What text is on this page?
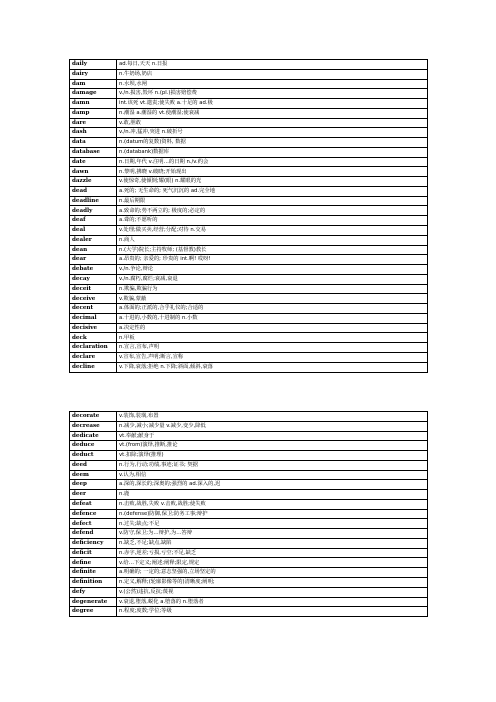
daily	ad.每日,天天 n.日报
dairy	n.牛奶场,奶店
dam	n.水坝,水闸
damage	v./n.损害,毁坏 n.(pl.)损害赔偿费
damn	int.该死 vt.遣责;使失败 a.十足的 ad.极
damp	n.潮湿 a.潮湿的 vt.使潮湿;使衰减
dare	v.敢,胆敢
dash	v./n.冲,猛冲,突进 n.破折号
data	n.(datum的复数)资料, 数据
database	n.(databank)数据库
date	n.日期,年代 v.注明…的日期 n./v.约会
dawn	n.黎明,拂晓 v.破晓;开始现出
dazzle	v.使惊奇,使倾倒;耀(眼) n.耀眼的光
dead	a.死的; 无生命的; 死气沉沉的 ad.完全地
deadline	n.最后期限
deadly	a.致命的;势不两立的; 极度的;必定的
deaf	a.聋的;不愿听的
deal	v.处理;做买卖,经营;分配;对待 n.交易
dealer	n.商人
dean	n.(大学)院长;主持牧师; (基督教)教长
dear	a.昂贵的; 亲爱的; 珍贵的 int.啊! 哎呀!
debate	v./n.争论,辩论
decay	v./n.腐朽,腐烂;衰减,衰退
deceit	n.欺骗,欺骗行为
deceive	v.欺骗,蒙蔽
decent	a.体面的;正派的,合乎礼仪的;合适的
decimal	a.十进的,小数的,十进制的 n.小数
decisive	a.决定性的
deck	n.甲板
declaration	n.宣言,宣布,声明
declare	v.宣布,宣告,声明;断言,宣称
decline	v.下降,衰落;拒绝 n.下降;斜面,倾斜,衰落
decorate	v.装饰,装璜,布置
decrease	n.减少,减小;减少量 v.减少,变少,降低
dedicate	vt.奉献;献身于
deduce	vt.(from)演绎,推断,推论
deduct	vt.扣除;演绎(推理)
deed	n.行为,行动;功绩,事迹;证书; 契据
deem	v.认为,相信
deep	a.深的,深长的;深奥的;强烈的 ad.深入的,迟
deer	n.鹿
defeat	n.击败,战胜,失败 v.击败,战胜;使失败
defence	n.(defense)防御,保卫;防务工事;辩护
defect	n.过失;缺点;不足
defend	v.防守,保卫;为…辩护,为…答辩
deficiency	n.缺乏,不足;缺点,缺陷
deficit	n.赤字,逆差;亏损,亏空;不足,缺乏
define	v.给…下定义;阐述;阐释;限定,规定
definite	a.明确的; 一定的;意志坚强的,立场坚定的
definition	n.定义,解释;(轮廓影像等的)清晰度;阐明;
defy	v.(公然)违抗,反抗;蔑视
degenerate	v.衰退,堕落,蜕化 a.堕落的 n.堕落者
degree	n.程度;度数;学位;等级
